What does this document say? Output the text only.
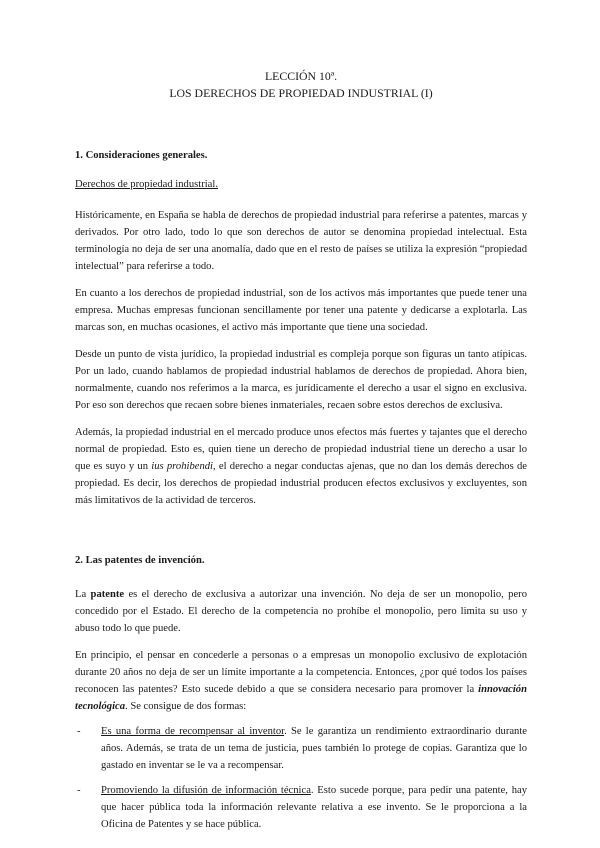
LECCIÓN 10ª.
LOS DERECHOS DE PROPIEDAD INDUSTRIAL (I)
1. Consideraciones generales.
Derechos de propiedad industrial.

Históricamente, en España se habla de derechos de propiedad industrial para referirse a patentes, marcas y derivados. Por otro lado, todo lo que son derechos de autor se denomina propiedad intelectual. Esta terminología no deja de ser una anomalía, dado que en el resto de países se utiliza la expresión “propiedad intelectual” para referirse a todo.

En cuanto a los derechos de propiedad industrial, son de los activos más importantes que puede tener una empresa. Muchas empresas funcionan sencillamente por tener una patente y dedicarse a explotarla. Las marcas son, en muchas ocasiones, el activo más importante que tiene una sociedad.

Desde un punto de vista jurídico, la propiedad industrial es compleja porque son figuras un tanto atípicas. Por un lado, cuando hablamos de propiedad industrial hablamos de derechos de propiedad. Ahora bien, normalmente, cuando nos referimos a la marca, es jurídicamente el derecho a usar el signo en exclusiva. Por eso son derechos que recaen sobre bienes inmateriales, recaen sobre estos derechos de exclusiva.

Además, la propiedad industrial en el mercado produce unos efectos más fuertes y tajantes que el derecho normal de propiedad. Esto es, quien tiene un derecho de propiedad industrial tiene un derecho a usar lo que es suyo y un ius prohibendi, el derecho a negar conductas ajenas, que no dan los demás derechos de propiedad. Es decir, los derechos de propiedad industrial producen efectos exclusivos y excluyentes, son más limitativos de la actividad de terceros.

2. Las patentes de invención.

La patente es el derecho de exclusiva a autorizar una invención. No deja de ser un monopolio, pero concedido por el Estado. El derecho de la competencia no prohíbe el monopolio, pero limita su uso y abuso todo lo que puede.

En principio, el pensar en concederle a personas o a empresas un monopolio exclusivo de explotación durante 20 años no deja de ser un límite importante a la competencia. Entonces, ¿por qué todos los países reconocen las patentes? Esto sucede debido a que se considera necesario para promover la innovación tecnológica. Se consigue de dos formas:

- Es una forma de recompensar al inventor. Se le garantiza un rendimiento extraordinario durante años. Además, se trata de un tema de justicia, pues también lo protege de copias. Garantiza que lo gastado en inventar se le va a recompensar.
- Promoviendo la difusión de información técnica. Esto sucede porque, para pedir una patente, hay que hacer pública toda la información relevante relativa a ese invento. Se le proporciona a la Oficina de Patentes y se hace pública.
